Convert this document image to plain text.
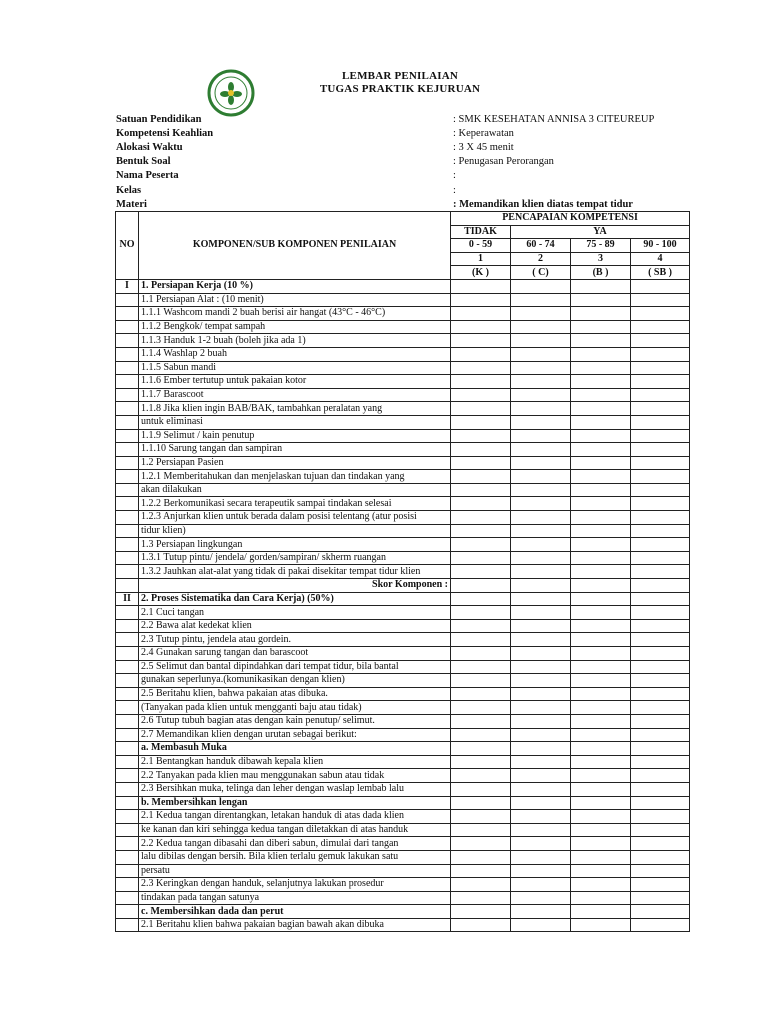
LEMBAR PENILAIAN
TUGAS PRAKTIK KEJURUAN
Satuan Pendidikan	: SMK KESEHATAN ANNISA 3 CITEUREUP
Kompetensi Keahlian	: Keperawatan
Alokasi Waktu	: 3 X 45 menit
Bentuk Soal	: Penugasan Perorangan
Nama Peserta	:
Kelas	:
Materi	: Memandikan klien diatas tempat tidur
NO	KOMPONEN/SUB KOMPONEN PENILAIAN	PENCAPAIAN KOMPETENSI			
		TIDAK	YA		
		0 - 59	60 - 74	75 - 89	90 - 100
		1	2	3	4
		(K )	( C)	(B )	( SB )
I	1. Persiapan Kerja (10 %)				
	1.1 Persiapan Alat : (10 menit)				
	1.1.1 Washcom mandi 2 buah berisi air hangat (43°C - 46°C)				
	1.1.2 Bengkok/ tempat sampah				
	1.1.3 Handuk 1-2 buah (boleh jika ada 1)				
	1.1.4 Washlap 2 buah				
	1.1.5 Sabun mandi				
	1.1.6 Ember tertutup untuk pakaian kotor				
	1.1.7 Barascoot				
	1.1.8 Jika klien ingin BAB/BAK, tambahkan peralatan yang				
	untuk eliminasi				
	1.1.9 Selimut / kain penutup				
	1.1.10 Sarung tangan dan sampiran				
	1.2 Persiapan Pasien				
	1.2.1 Memberitahukan dan menjelaskan tujuan dan tindakan yang				
	akan dilakukan				
	1.2.2 Berkomunikasi secara terapeutik sampai tindakan selesai				
	1.2.3 Anjurkan klien untuk berada dalam posisi telentang (atur posisi				
	tidur klien)				
	1.3 Persiapan lingkungan				
	1.3.1 Tutup pintu/ jendela/ gorden/sampiran/ skherm ruangan				
	1.3.2 Jauhkan alat-alat yang tidak di pakai disekitar tempat tidur klien				
	Skor Komponen :				
II	2. Proses Sistematika dan Cara Kerja) (50%)				
	2.1 Cuci tangan				
	2.2 Bawa alat kedekat klien				
	2.3 Tutup pintu, jendela atau gordein.				
	2.4 Gunakan sarung tangan dan barascoot				
	2.5 Selimut dan bantal dipindahkan dari tempat tidur, bila bantal				
	gunakan seperlunya.(komunikasikan dengan klien)				
	2.5 Beritahu klien, bahwa pakaian atas dibuka.				
	(Tanyakan pada klien untuk mengganti baju atau tidak)				
	2.6 Tutup tubuh bagian atas dengan kain penutup/ selimut.				
	2.7 Memandikan klien dengan urutan sebagai berikut:				
	a. Membasuh Muka				
	2.1 Bentangkan handuk dibawah kepala klien				
	2.2 Tanyakan pada klien mau menggunakan sabun atau tidak				
	2.3 Bersihkan muka, telinga dan leher dengan waslap lembab lalu				
	b. Membersihkan lengan				
	2.1 Kedua tangan direntangkan, letakan handuk di atas dada klien				
	ke kanan dan kiri sehingga kedua tangan diletakkan di atas handuk				
	2.2 Kedua tangan dibasahi dan diberi sabun, dimulai dari tangan				
	lalu dibilas dengan bersih. Bila klien terlalu gemuk lakukan satu				
	persatu				
	2.3 Keringkan dengan handuk, selanjutnya lakukan prosedur				
	tindakan pada tangan satunya				
	c. Membersihkan dada dan perut				
	2.1 Beritahu klien bahwa pakaian bagian bawah akan dibuka				
